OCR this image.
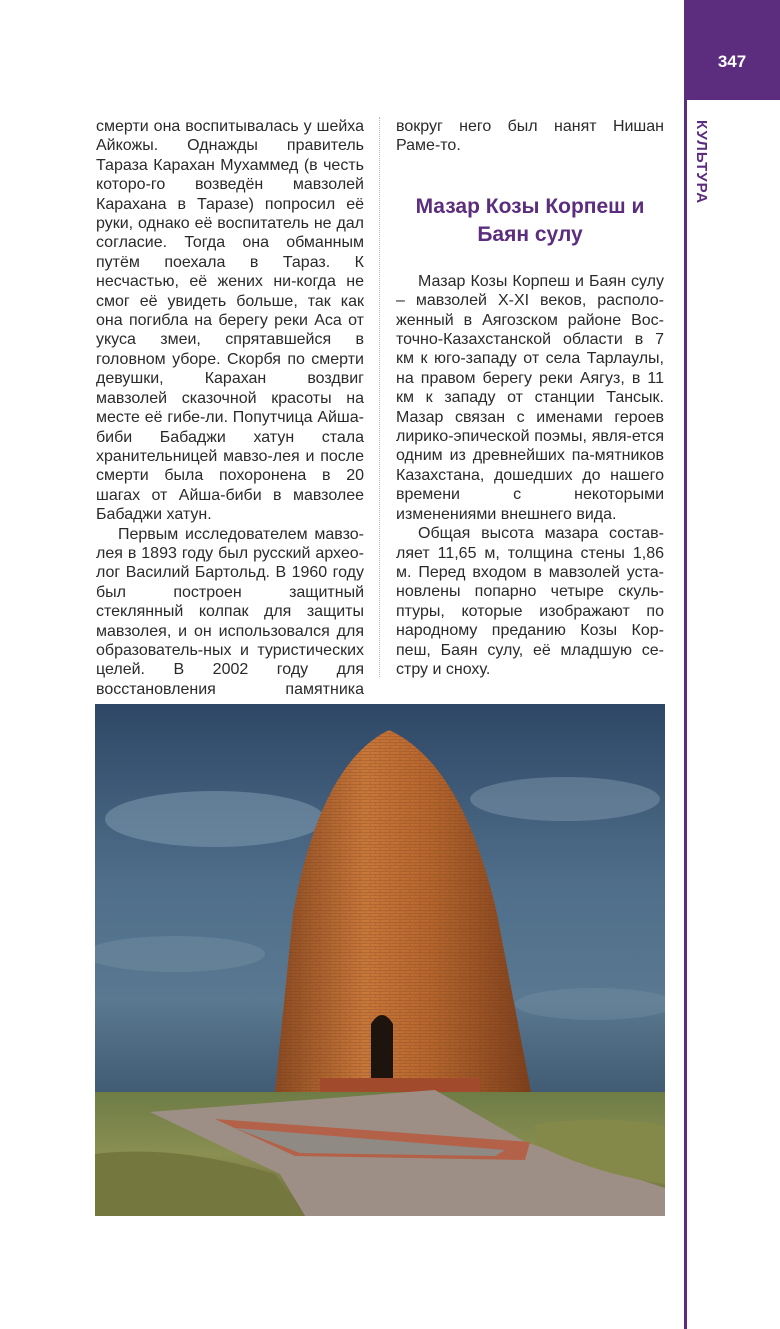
347
КУЛЬТУРА

смерти она воспитывалась у шейха Айкожы. Однажды правитель Тараза Карахан Мухаммед (в честь которо-го возведён мавзолей Карахана в Таразе) попросил её руки, однако её воспитатель не дал согласие. Тогда она обманным путём поехала в Тараз. К несчастью, её жених ни-когда не смог её увидеть больше, так как она погибла на берегу реки Аса от укуса змеи, спрятавшейся в головном уборе. Скорбя по смерти девушки, Карахан воздвиг мавзолей сказочной красоты на месте её гибе-ли. Попутчица Айша-биби Бабаджи хатун стала хранительницей мавзо-лея и после смерти была похоронена в 20 шагах от Айша-биби в мавзолее Бабаджи хатун.

Первым исследователем мавзо-лея в 1893 году был русский архео-лог Василий Бартольд. В 1960 году был построен защитный стеклянный колпак для защиты мавзолея, и он использовался для образователь-ных и туристических целей. В 2002 году для восстановления памятника

вокруг него был нанят Нишан Раме-то.

Мазар Козы Корпеш и
Баян сулу

Мазар Козы Корпеш и Баян сулу – мавзолей X-XI веков, располо-женный в Аягозском районе Вос-точно-Казахстанской области в 7 км к юго-западу от села Тарлаулы, на правом берегу реки Аягуз, в 11 км к западу от станции Тансык. Мазар связан с именами героев лирико-эпической поэмы, явля-ется одним из древнейших па-мятников Казахстана, дошедших до нашего времени с некоторыми изменениями внешнего вида.

Общая высота мазара состав-ляет 11,65 м, толщина стены 1,86 м. Перед входом в мавзолей уста-новлены попарно четыре скуль-птуры, которые изображают по народному преданию Козы Кор-пеш, Баян сулу, её младшую се-стру и сноху.
